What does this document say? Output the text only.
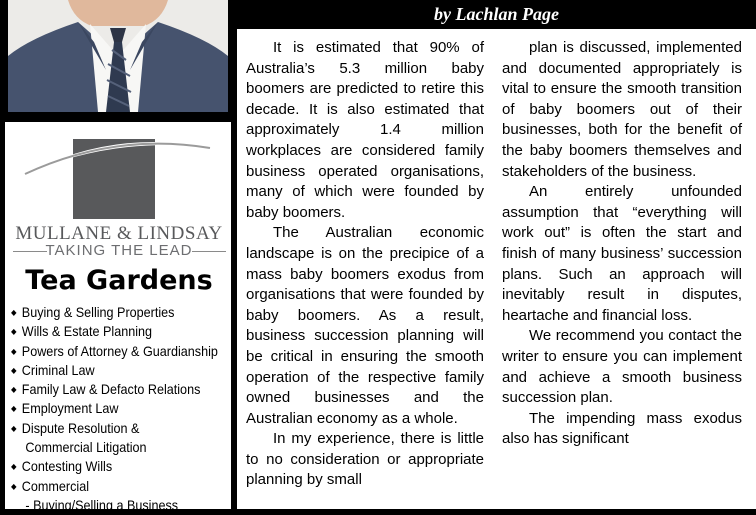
MULLANE & LINDSAY
TAKING THE LEAD
Tea Gardens
◆ Buying & Selling Properties
◆ Wills & Estate Planning
◆ Powers of Attorney & Guardianship
◆ Criminal Law
◆ Family Law & Defacto Relations
◆ Employment Law
◆ Dispute Resolution &
Commercial Litigation
◆ Contesting Wills
◆ Commercial
- Buying/Selling a Business
by Lachlan Page

It is estimated that 90% of Australia’s 5.3 million baby boomers are predicted to retire this decade. It is also estimated that approximately 1.4 million workplaces are considered family business operated organisations, many of which were founded by baby boomers.

The Australian economic landscape is on the precipice of a mass baby boomers exodus from organisations that were founded by baby boomers. As a result, business succession planning will be critical in ensuring the smooth operation of the respective family owned businesses and the Australian economy as a whole.

In my experience, there is little to no consideration or appropriate planning by small

plan is discussed, implemented and documented appropriately is vital to ensure the smooth transition of baby boomers out of their businesses, both for the benefit of the baby boomers themselves and stakeholders of the business.

An entirely unfounded assumption that “everything will work out” is often the start and finish of many business’ succession plans. Such an approach will inevitably result in disputes, heartache and financial loss.

We recommend you contact the writer to ensure you can implement and achieve a smooth business succession plan.

The impending mass exodus also has significant
